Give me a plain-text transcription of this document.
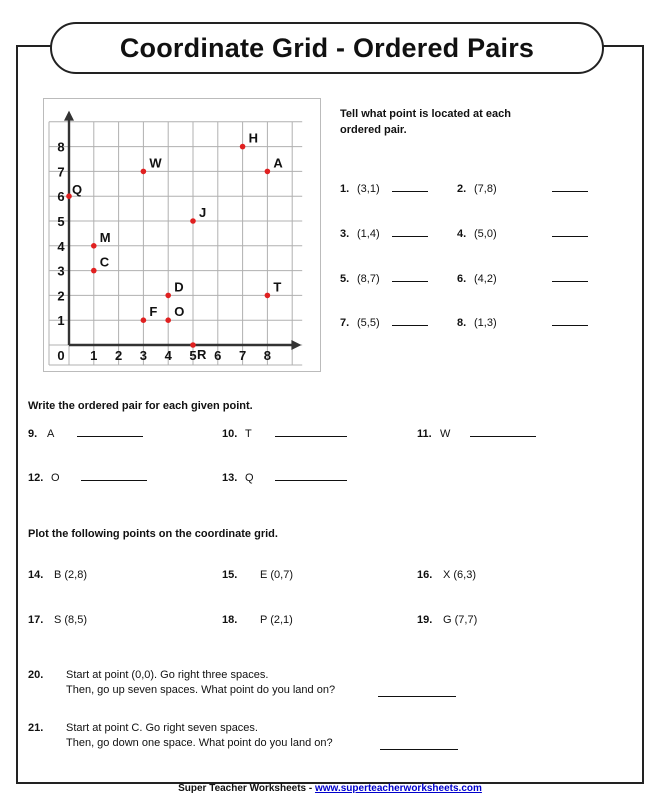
Coordinate Grid - Ordered Pairs
0 1 2 3 4 5 6 7 8
1
2
3
4
5
6
7
8
H
W	A
Q
J
M
C
D	T
F O
R
Tell what point is located at each
ordered pair.
Write the ordered pair for each given point.
Plot the following points on the coordinate grid.
Super Teacher Worksheets - www.superteacherworksheets.com
1. (3,1)	2. (7,8)
3. (1,4)	4. (5,0)
5. (8,7)	6. (4,2)
7. (5,5)	8. (1,3)
9. A	10. T	11. W
12. O	13. Q
14. B (2,8)	15.	E (0,7)	16. X (6,3)
17. S (8,5)	18.	P (2,1)	19. G (7,7)
20. Start at point (0,0). Go right three spaces.
Then, go up seven spaces. What point do you land on?
21. Start at point C. Go right seven spaces.
Then, go down one space. What point do you land on?
